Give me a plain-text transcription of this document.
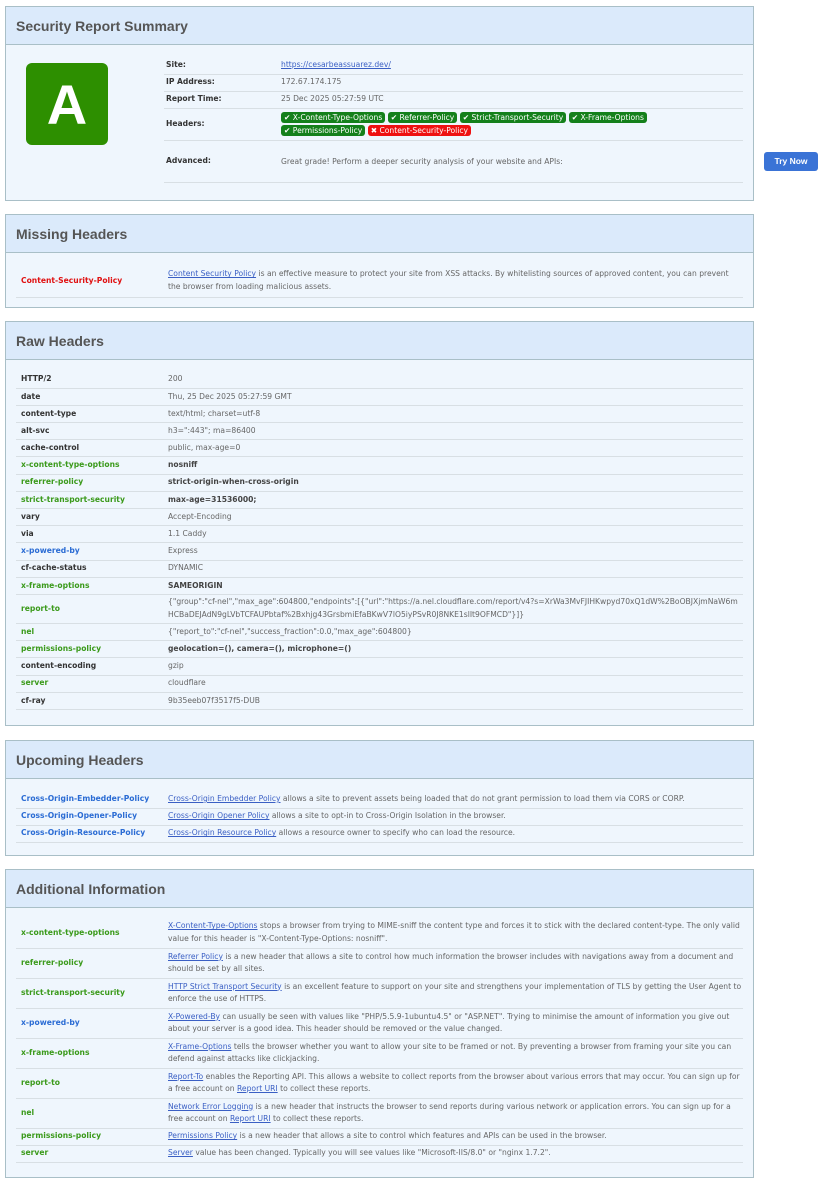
Security Report Summary
A
Site:	https://cesarbeassuarez.dev/
IP Address:	172.67.174.175
Report Time:	25 Dec 2025 05:27:59 UTC
Headers:	✔ X-Content-Type-Options ✔ Referrer-Policy ✔ Strict-Transport-Security ✔ X-Frame-Options
✔ Permissions-Policy ✖ Content-Security-Policy
Advanced:	Great grade! Perform a deeper security analysis of your website and APIs: Try Now
Missing Headers
Content-Security-Policy	Content Security Policy is an effective measure to protect your site from XSS attacks. By whitelisting sources of approved content, you can prevent the browser from loading malicious assets.
Raw Headers
HTTP/2	200
date	Thu, 25 Dec 2025 05:27:59 GMT
content-type	text/html; charset=utf-8
alt-svc	h3=":443"; ma=86400
cache-control	public, max-age=0
x-content-type-options	nosniff
referrer-policy	strict-origin-when-cross-origin
strict-transport-security	max-age=31536000;
vary	Accept-Encoding
via	1.1 Caddy
x-powered-by	Express
cf-cache-status	DYNAMIC
x-frame-options	SAMEORIGIN
report-to	{"group":"cf-nel","max_age":604800,"endpoints":[{"url":"https://a.nel.cloudflare.com/report/v4?s=XrWa3MvFJIHKwpyd70xQ1dW%2BoOBJXjmNaW6mHCBaDEJAdN9gLVbTCFAUPbtaf%2Bxhjg43GrsbmiEfaBKwV7lO5iyPSvR0J8NKE1slIt9OFMCD"}]}
nel	{"report_to":"cf-nel","success_fraction":0.0,"max_age":604800}
permissions-policy	geolocation=(), camera=(), microphone=()
content-encoding	gzip
server	cloudflare
cf-ray	9b35eeb07f3517f5-DUB
Upcoming Headers
Cross-Origin-Embedder-Policy	Cross-Origin Embedder Policy allows a site to prevent assets being loaded that do not grant permission to load them via CORS or CORP.
Cross-Origin-Opener-Policy	Cross-Origin Opener Policy allows a site to opt-in to Cross-Origin Isolation in the browser.
Cross-Origin-Resource-Policy	Cross-Origin Resource Policy allows a resource owner to specify who can load the resource.
Additional Information
x-content-type-options	X-Content-Type-Options stops a browser from trying to MIME-sniff the content type and forces it to stick with the declared content-type. The only valid value for this header is "X-Content-Type-Options: nosniff".
referrer-policy	Referrer Policy is a new header that allows a site to control how much information the browser includes with navigations away from a document and should be set by all sites.
strict-transport-security	HTTP Strict Transport Security is an excellent feature to support on your site and strengthens your implementation of TLS by getting the User Agent to enforce the use of HTTPS.
x-powered-by	X-Powered-By can usually be seen with values like "PHP/5.5.9-1ubuntu4.5" or "ASP.NET". Trying to minimise the amount of information you give out about your server is a good idea. This header should be removed or the value changed.
x-frame-options	X-Frame-Options tells the browser whether you want to allow your site to be framed or not. By preventing a browser from framing your site you can defend against attacks like clickjacking.
report-to	Report-To enables the Reporting API. This allows a website to collect reports from the browser about various errors that may occur. You can sign up for a free account on Report URI to collect these reports.
nel	Network Error Logging is a new header that instructs the browser to send reports during various network or application errors. You can sign up for a free account on Report URI to collect these reports.
permissions-policy	Permissions Policy is a new header that allows a site to control which features and APIs can be used in the browser.
server	Server value has been changed. Typically you will see values like "Microsoft-IIS/8.0" or "nginx 1.7.2".
